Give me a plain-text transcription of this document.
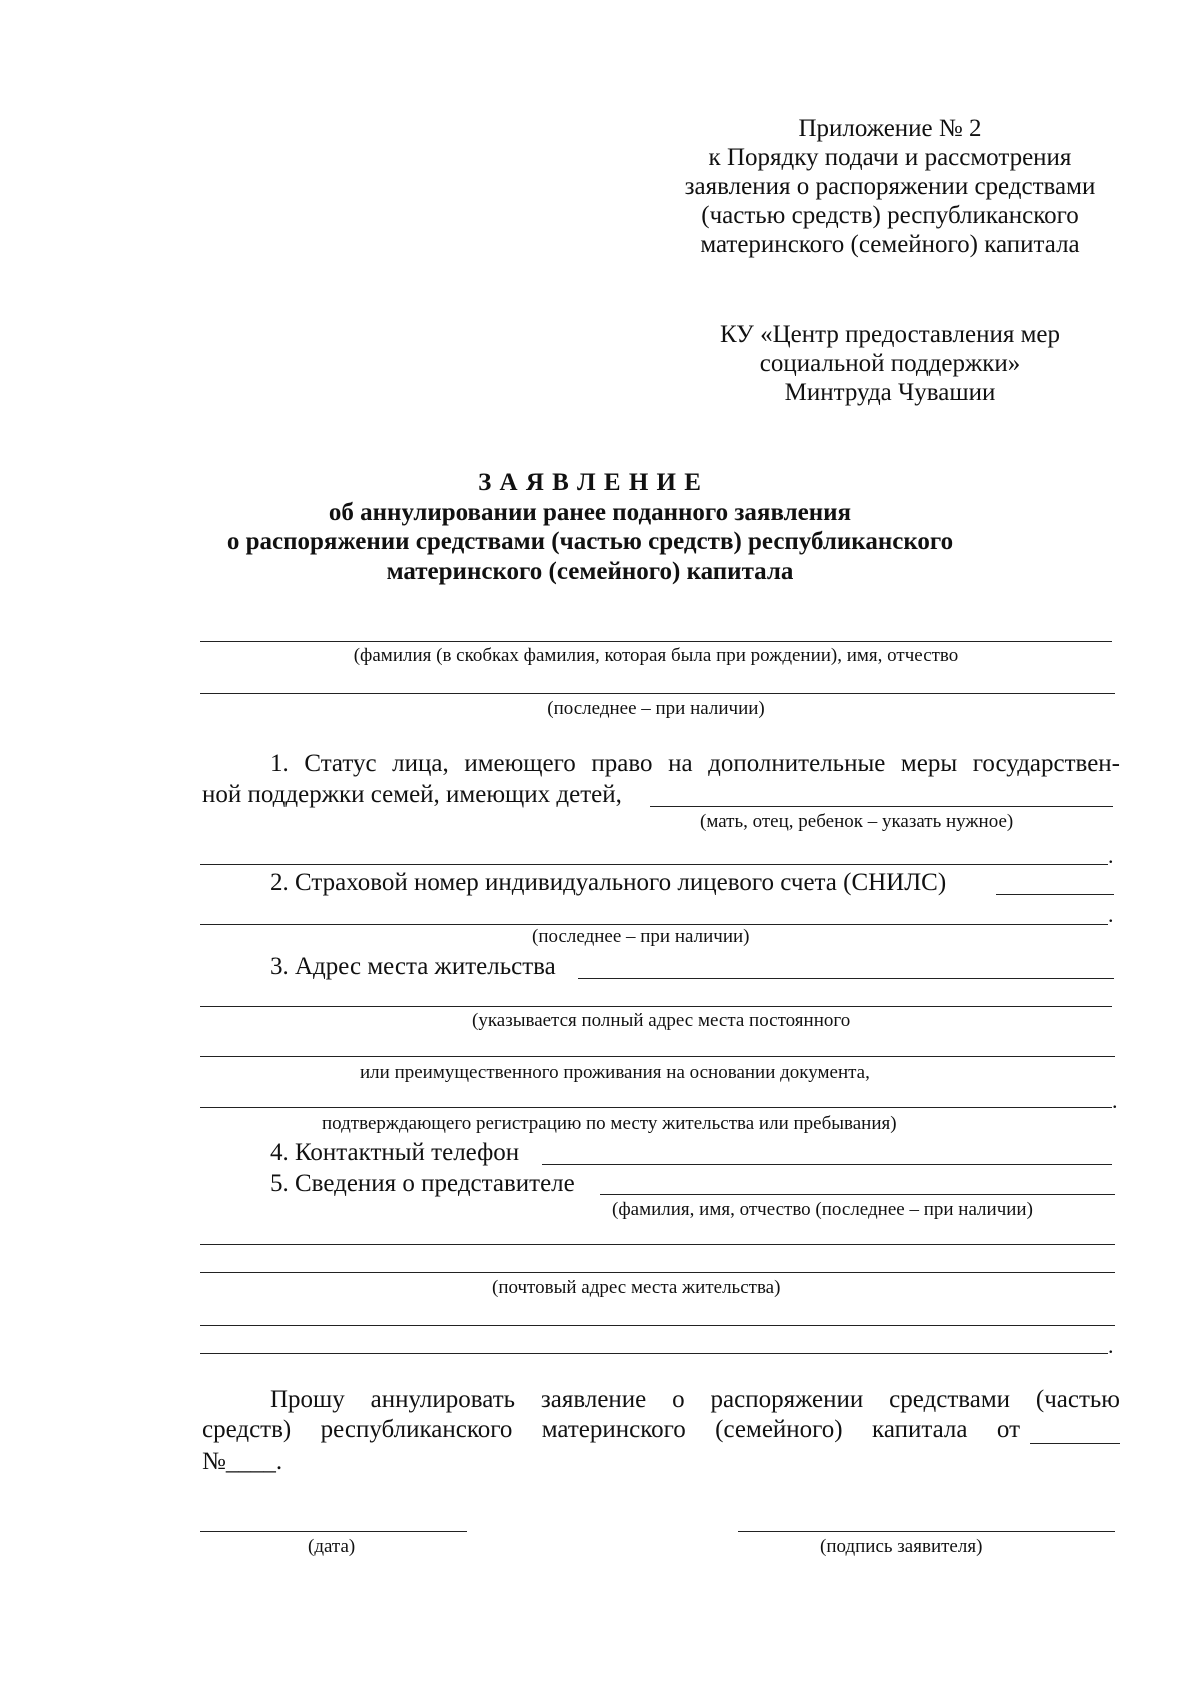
Приложение № 2
к Порядку подачи и рассмотрения
заявления о распоряжении средствами
(частью средств) республиканского
материнского (семейного) капитала
КУ «Центр предоставления мер
социальной поддержки»
Минтруда Чувашии
З А Я В Л Е Н И Е
об аннулировании ранее поданного заявления
о распоряжении средствами (частью средств) республиканского
материнского (семейного) капитала
(фамилия (в скобках фамилия, которая была при рождении), имя, отчество
(последнее – при наличии)
1. Статус лица, имеющего право на дополнительные меры государствен-
ной поддержки семей, имеющих детей,
(мать, отец, ребенок – указать нужное)
.
2. Страховой номер индивидуального лицевого счета (СНИЛС)
.
(последнее – при наличии)
3. Адрес места жительства
(указывается полный адрес места постоянного
или преимущественного проживания на основании документа,
.
подтверждающего регистрацию по месту жительства или пребывания)
4. Контактный телефон
5. Сведения о представителе
(фамилия, имя, отчество (последнее – при наличии)
(почтовый адрес места жительства)
.
Прошу аннулировать заявление о распоряжении средствами (частью
средств) республиканского материнского (семейного) капитала от
№____.
(дата)	(подпись заявителя)
